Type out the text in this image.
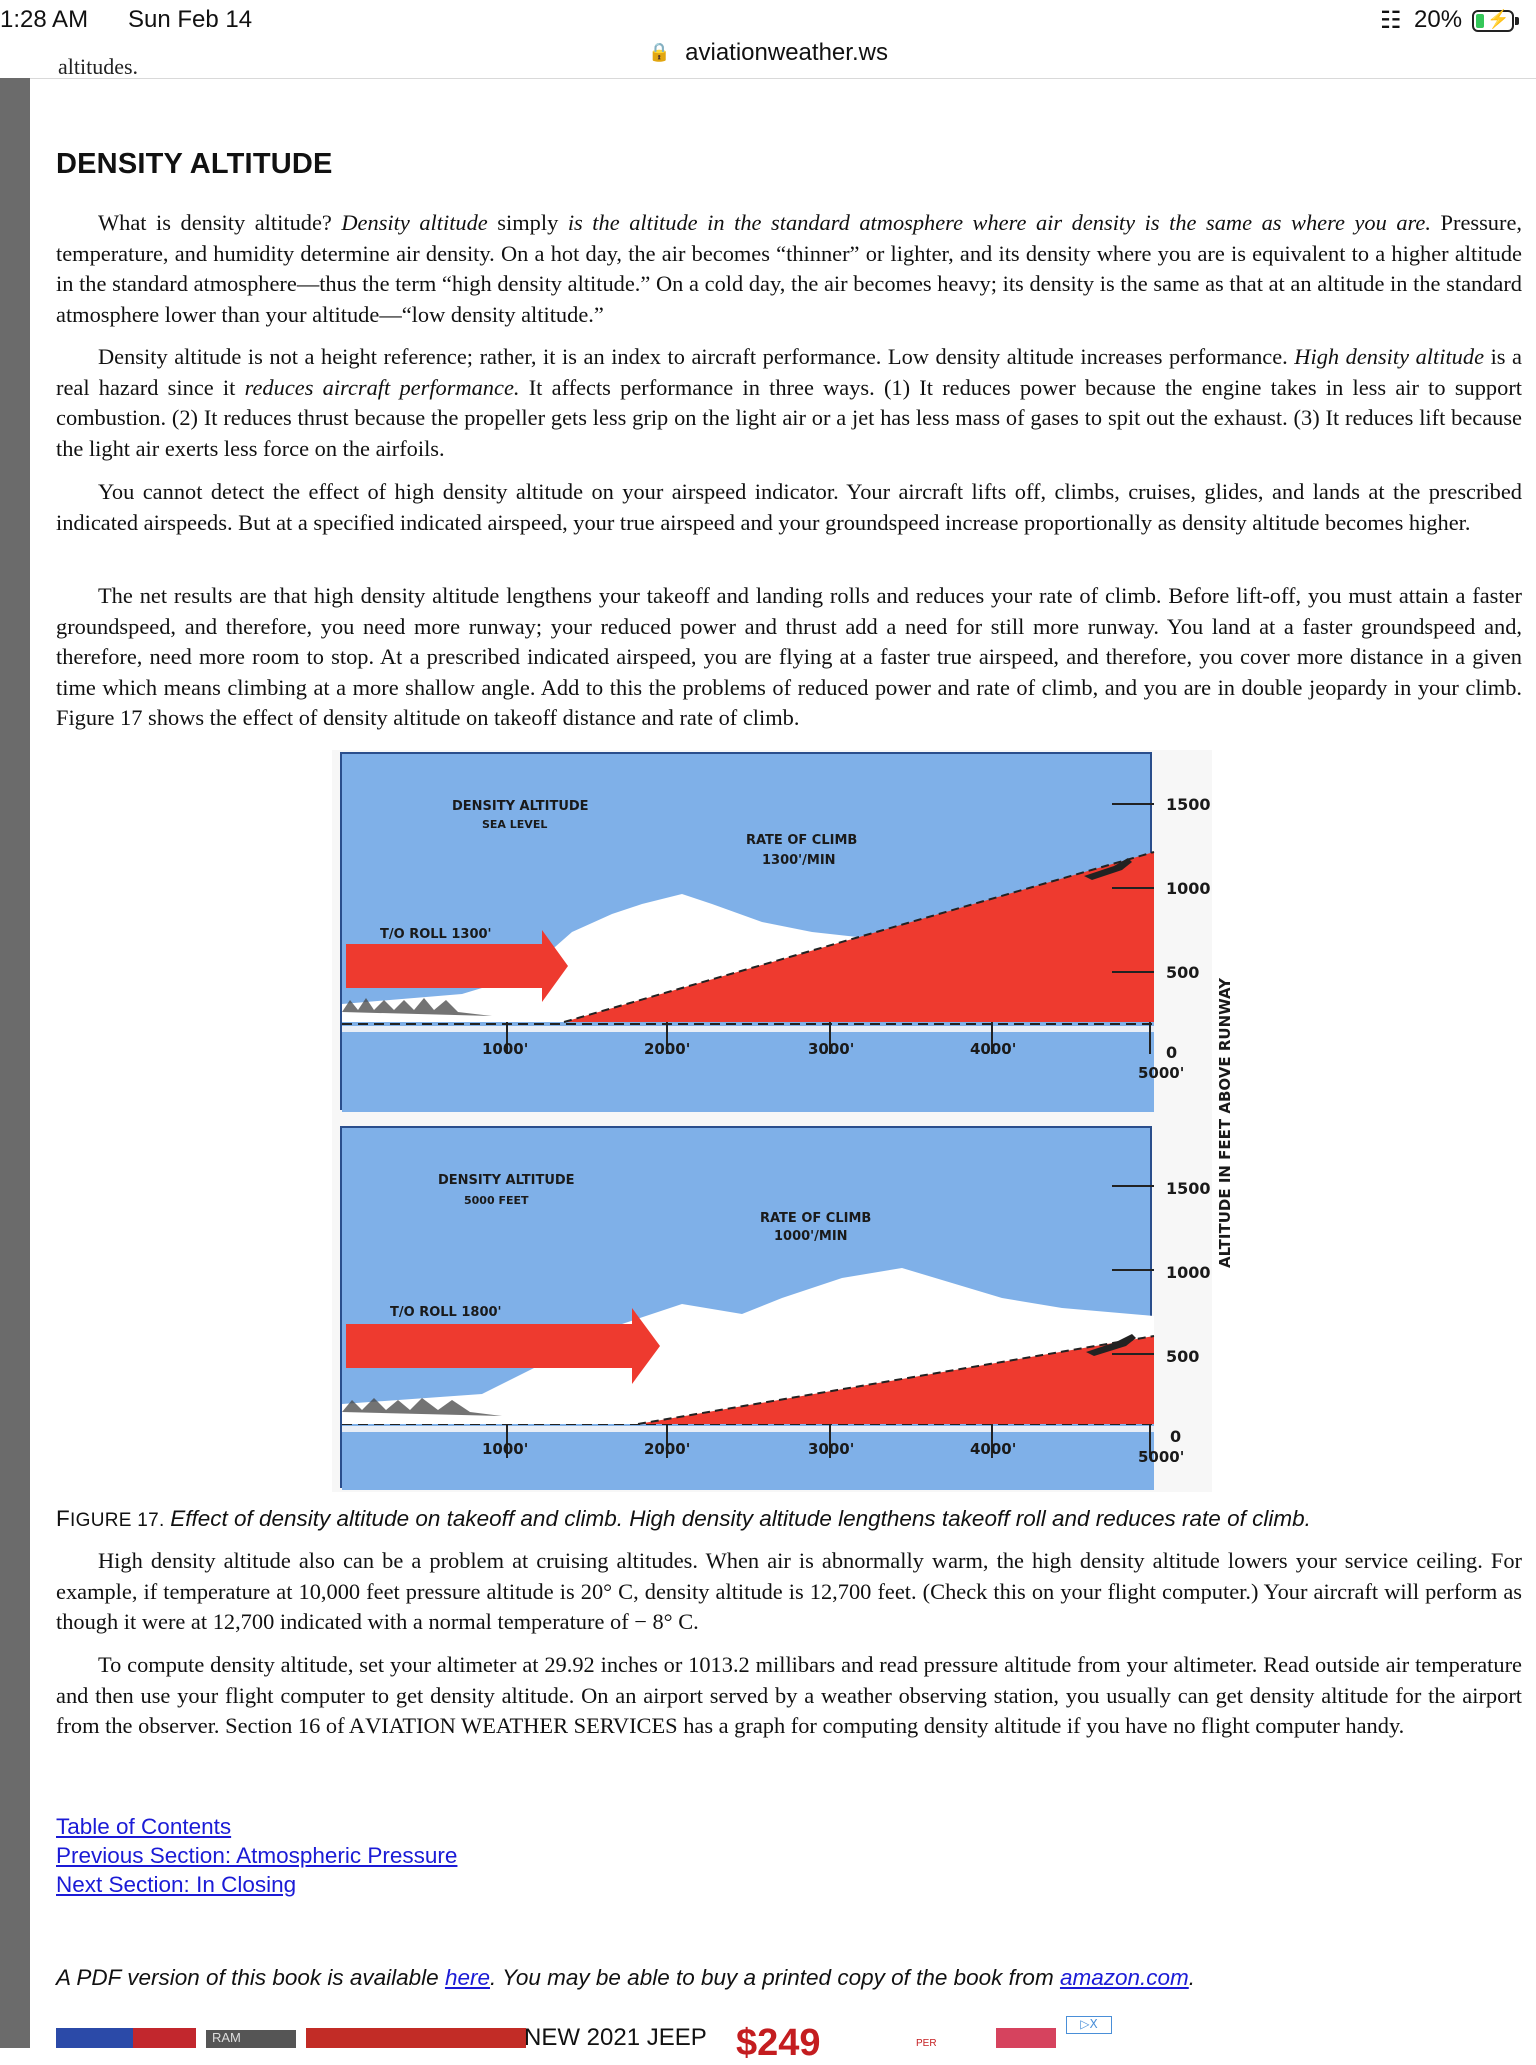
1:28 AM Sun Feb 14	☷ 20% ⚡
🔒 aviationweather.ws
altitudes.
DENSITY ALTITUDE

What is density altitude? Density altitude simply is the altitude in the standard atmosphere where air density is the same as where you are. Pressure, temperature, and humidity determine air density. On a hot day, the air becomes “thinner” or lighter, and its density where you are is equivalent to a higher altitude in the standard atmosphere—thus the term “high density altitude.” On a cold day, the air becomes heavy; its density is the same as that at an altitude in the standard atmosphere lower than your altitude—“low density altitude.”

Density altitude is not a height reference; rather, it is an index to aircraft performance. Low density altitude increases performance. High density altitude is a real hazard since it reduces aircraft performance. It affects performance in three ways. (1) It reduces power because the engine takes in less air to support combustion. (2) It reduces thrust because the propeller gets less grip on the light air or a jet has less mass of gases to spit out the exhaust. (3) It reduces lift because the light air exerts less force on the airfoils.

You cannot detect the effect of high density altitude on your airspeed indicator. Your aircraft lifts off, climbs, cruises, glides, and lands at the prescribed indicated airspeeds. But at a specified indicated airspeed, your true airspeed and your groundspeed increase proportionally as density altitude becomes higher.

The net results are that high density altitude lengthens your takeoff and landing rolls and reduces your rate of climb. Before lift-off, you must attain a faster groundspeed, and therefore, you need more runway; your reduced power and thrust add a need for still more runway. You land at a faster groundspeed and, therefore, need more room to stop. At a prescribed indicated airspeed, you are flying at a faster true airspeed, and therefore, you cover more distance in a given time which means climbing at a more shallow angle. Add to this the problems of reduced power and rate of climb, and you are in double jeopardy in your climb. Figure 17 shows the effect of density altitude on takeoff distance and rate of climb.

DENSITY ALTITUDE
SEA LEVEL
RATE OF CLIMB
1300'/MIN
T/O ROLL 1300'
1000'	2000'	3000'	4000'
DENSITY ALTITUDE
5000 FEET
RATE OF CLIMB
1000'/MIN
T/O ROLL 1800'
1000'	2000'	3000'	4000'
1500
1000
500
0
5000'
1500
1000
500
0
5000'
ALTITUDE IN FEET ABOVE RUNWAY
FIGURE 17. Effect of density altitude on takeoff and climb. High density altitude lengthens takeoff roll and reduces rate of climb.

High density altitude also can be a problem at cruising altitudes. When air is abnormally warm, the high density altitude lowers your service ceiling. For example, if temperature at 10,000 feet pressure altitude is 20° C, density altitude is 12,700 feet. (Check this on your flight computer.) Your aircraft will perform as though it were at 12,700 indicated with a normal temperature of − 8° C.

To compute density altitude, set your altimeter at 29.92 inches or 1013.2 millibars and read pressure altitude from your altimeter. Read outside air temperature and then use your flight computer to get density altitude. On an airport served by a weather observing station, you usually can get density altitude for the airport from the observer. Section 16 of AVIATION WEATHER SERVICES has a graph for computing density altitude if you have no flight computer handy.

Table of Contents
Previous Section: Atmospheric Pressure
Next Section: In Closing
A PDF version of this book is available here. You may be able to buy a printed copy of the book from amazon.com.
RAM	NEW 2021 JEEP $249	PER
▷X
